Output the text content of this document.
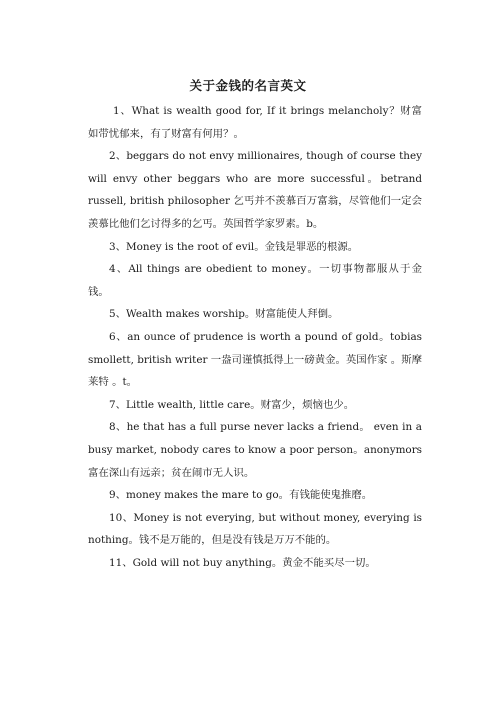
关于金钱的名言英文

1、What is wealth good for, If it brings melancholy？财富如带忧郁来，有了财富有何用？。

2、beggars do not envy millionaires, though of course they will envy other beggars who are more successful。betrand russell, british philosopher 乞丐并不羡慕百万富翁，尽管他们一定会羡慕比他们乞讨得多的乞丐。英国哲学家罗素。b。

3、Money is the root of evil。金钱是罪恶的根源。

4、All things are obedient to money。一切事物都服从于金钱。

5、Wealth makes worship。财富能使人拜倒。

6、an ounce of prudence is worth a pound of gold。tobias smollett, british writer 一盎司谨慎抵得上一磅黄金。英国作家 。斯摩莱特 。t。

7、Little wealth, little care。财富少，烦恼也少。

8、he that has a full purse never lacks a friend。 even in a busy market, nobody cares to know a poor person。anonymors 富在深山有远亲；贫在闹市无人识。

9、money makes the mare to go。有钱能使鬼推磨。

10、Money is not everying, but without money, everying is nothing。钱不是万能的，但是没有钱是万万不能的。

11、Gold will not buy anything。黄金不能买尽一切。
